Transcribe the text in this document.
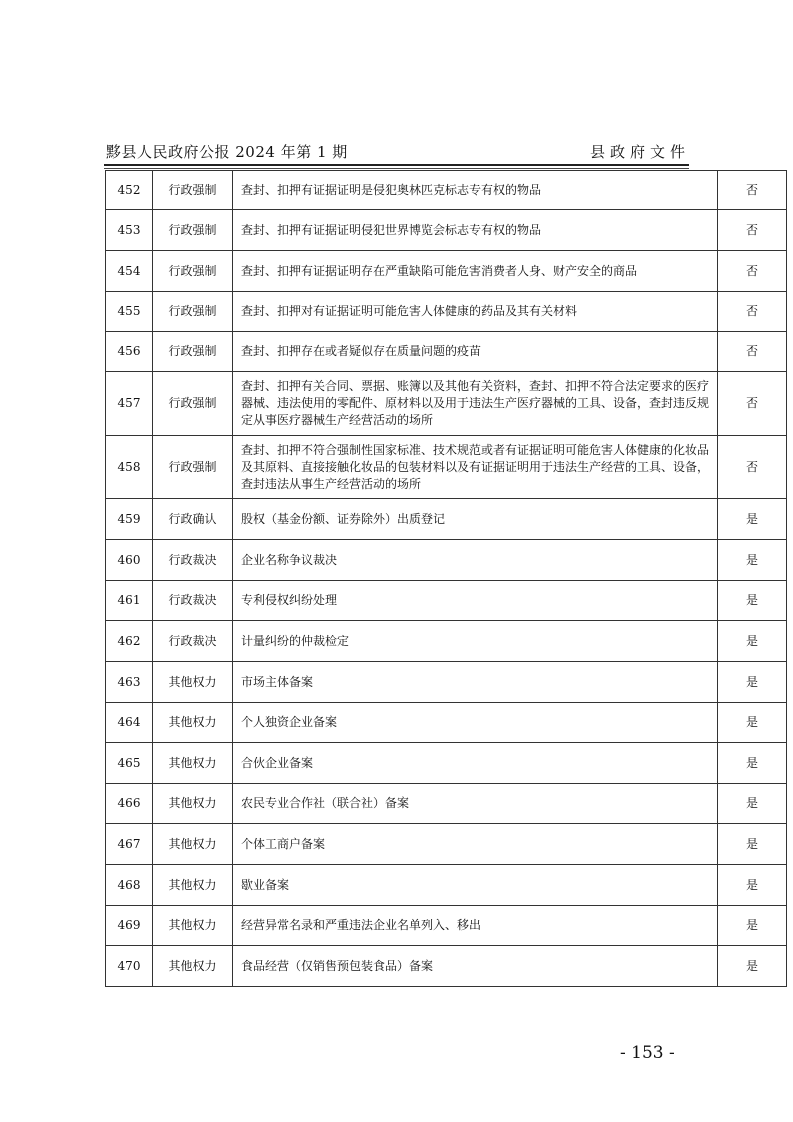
黟县人民政府公报 2024 年第 1 期	县政府文件
452	行政强制	查封、扣押有证据证明是侵犯奥林匹克标志专有权的物品	否
453	行政强制	查封、扣押有证据证明侵犯世界博览会标志专有权的物品	否
454	行政强制	查封、扣押有证据证明存在严重缺陷可能危害消费者人身、财产安全的商品	否
455	行政强制	查封、扣押对有证据证明可能危害人体健康的药品及其有关材料	否
456	行政强制	查封、扣押存在或者疑似存在质量问题的疫苗	否
457	行政强制	查封、扣押有关合同、票据、账簿以及其他有关资料，查封、扣押不符合法定要求的医疗器械、违法使用的零配件、原材料以及用于违法生产医疗器械的工具、设备，查封违反规定从事医疗器械生产经营活动的场所	否
458	行政强制	查封、扣押不符合强制性国家标准、技术规范或者有证据证明可能危害人体健康的化妆品及其原料、直接接触化妆品的包装材料以及有证据证明用于违法生产经营的工具、设备，查封违法从事生产经营活动的场所	否
459	行政确认	股权（基金份额、证券除外）出质登记	是
460	行政裁决	企业名称争议裁决	是
461	行政裁决	专利侵权纠纷处理	是
462	行政裁决	计量纠纷的仲裁检定	是
463	其他权力	市场主体备案	是
464	其他权力	个人独资企业备案	是
465	其他权力	合伙企业备案	是
466	其他权力	农民专业合作社（联合社）备案	是
467	其他权力	个体工商户备案	是
468	其他权力	歇业备案	是
469	其他权力	经营异常名录和严重违法企业名单列入、移出	是
470	其他权力	食品经营（仅销售预包装食品）备案	是
- 153 -
